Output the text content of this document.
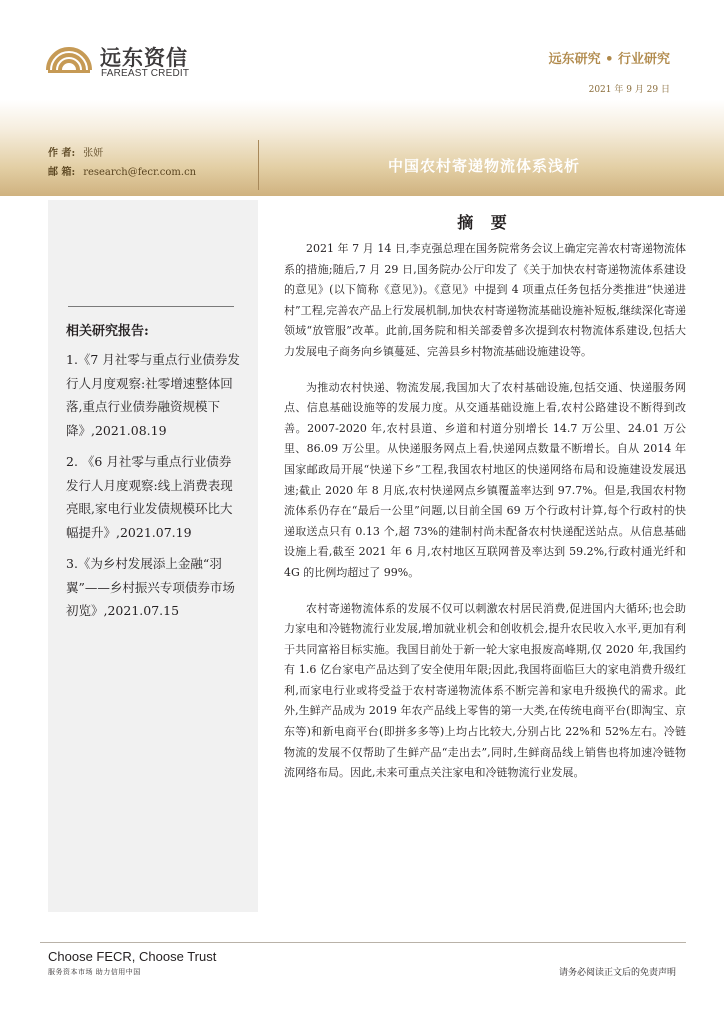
远东资信
FAREAST CREDIT
远东研究 • 行业研究
2021 年 9 月 29 日
作 者: 张妍
邮 箱: research@fecr.com.cn	中国农村寄递物流体系浅析
相关研究报告:
1.《7 月社零与重点行业债券发行人月度观察:社零增速整体回落,重点行业债券融资规模下降》,2021.08.19
2. 《6 月社零与重点行业债券发行人月度观察:线上消费表现亮眼,家电行业发债规模环比大幅提升》,2021.07.19
3.《为乡村发展添上金融“羽翼”——乡村振兴专项债券市场初览》,2021.07.15
摘 要

2021 年 7 月 14 日,李克强总理在国务院常务会议上确定完善农村寄递物流体系的措施;随后,7 月 29 日,国务院办公厅印发了《关于加快农村寄递物流体系建设的意见》(以下简称《意见》)。《意见》中提到 4 项重点任务包括分类推进“快递进村”工程,完善农产品上行发展机制,加快农村寄递物流基础设施补短板,继续深化寄递领域“放管服”改革。此前,国务院和相关部委曾多次提到农村物流体系建设,包括大力发展电子商务向乡镇蔓延、完善县乡村物流基础设施建设等。

为推动农村快递、物流发展,我国加大了农村基础设施,包括交通、快递服务网点、信息基础设施等的发展力度。从交通基础设施上看,农村公路建设不断得到改善。2007-2020 年,农村县道、乡道和村道分别增长 14.7 万公里、24.01 万公里、86.09 万公里。从快递服务网点上看,快递网点数量不断增长。自从 2014 年国家邮政局开展“快递下乡”工程,我国农村地区的快递网络布局和设施建设发展迅速;截止 2020 年 8 月底,农村快递网点乡镇覆盖率达到 97.7%。但是,我国农村物流体系仍存在“最后一公里”问题,以目前全国 69 万个行政村计算,每个行政村的快递取送点只有 0.13 个,超 73%的建制村尚未配备农村快递配送站点。从信息基础设施上看,截至 2021 年 6 月,农村地区互联网普及率达到 59.2%,行政村通光纤和 4G 的比例均超过了 99%。

农村寄递物流体系的发展不仅可以刺激农村居民消费,促进国内大循环;也会助力家电和冷链物流行业发展,增加就业机会和创收机会,提升农民收入水平,更加有利于共同富裕目标实施。我国目前处于新一轮大家电报废高峰期,仅 2020 年,我国约有 1.6 亿台家电产品达到了安全使用年限;因此,我国将面临巨大的家电消费升级红利,而家电行业或将受益于农村寄递物流体系不断完善和家电升级换代的需求。此外,生鲜产品成为 2019 年农产品线上零售的第一大类,在传统电商平台(即淘宝、京东等)和新电商平台(即拼多多等)上均占比较大,分别占比 22%和 52%左右。冷链物流的发展不仅帮助了生鲜产品“走出去”,同时,生鲜商品线上销售也将加速冷链物流网络布局。因此,未来可重点关注家电和冷链物流行业发展。

Choose FECR, Choose Trust
服务资本市场 助力信用中国	请务必阅读正文后的免责声明
